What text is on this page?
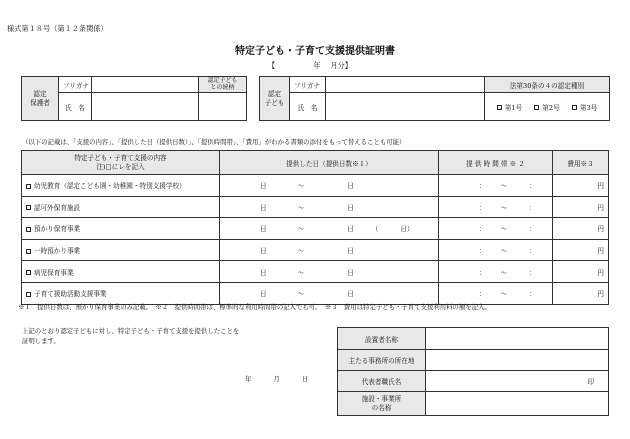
様式第１８号（第１２条関係）
特定子ども・子育て支援提供証明書
【	年 月分】
認定
保護者	フリガナ		認定子ども
との続柄
	氏　名		
認定
子ども	フリガナ		法第30条の４の認定種別
	氏　名		第1号 第2号 第3号
（以下の記載は、「支援の内容」、「提供した日（提供日数）」、「提供時間帯」、「費用」がわかる書類の添付をもって替えることも可能）
特定子ども・子育て支援の内容
注)□にレを記入	提供した日（提供日数※１）	提 供 時 間 帯 ※ ２	費用※３
幼児教育（認定こども園・幼稚園・特別支援学校）	日 〜 日	： 〜 ：	円
認可外保育施設	日 〜 日	： 〜 ：	円
預かり保育事業	日 〜 日 （ 日）	： 〜 ：	円
一時預かり事業	日 〜 日	： 〜 ：	円
病児保育事業	日 〜 日	： 〜 ：	円
子育て援助活動支援事業	日 〜 日	： 〜 ：	円
※１　提供日数は、預かり保育事業のみ記載。　※２　提供時間帯は、標準的な利用時間帯の記入でも可。　※３　費用は特定子ども・子育て支援利用料の額を記入。
上記のとおり認定子どもに対し、特定子ども・子育て支援を提供したことを
証明します。
年	月	日
設置者名称	
主たる事務所の所在地	
代表者職氏名	印
施設・事業所
の名称	
